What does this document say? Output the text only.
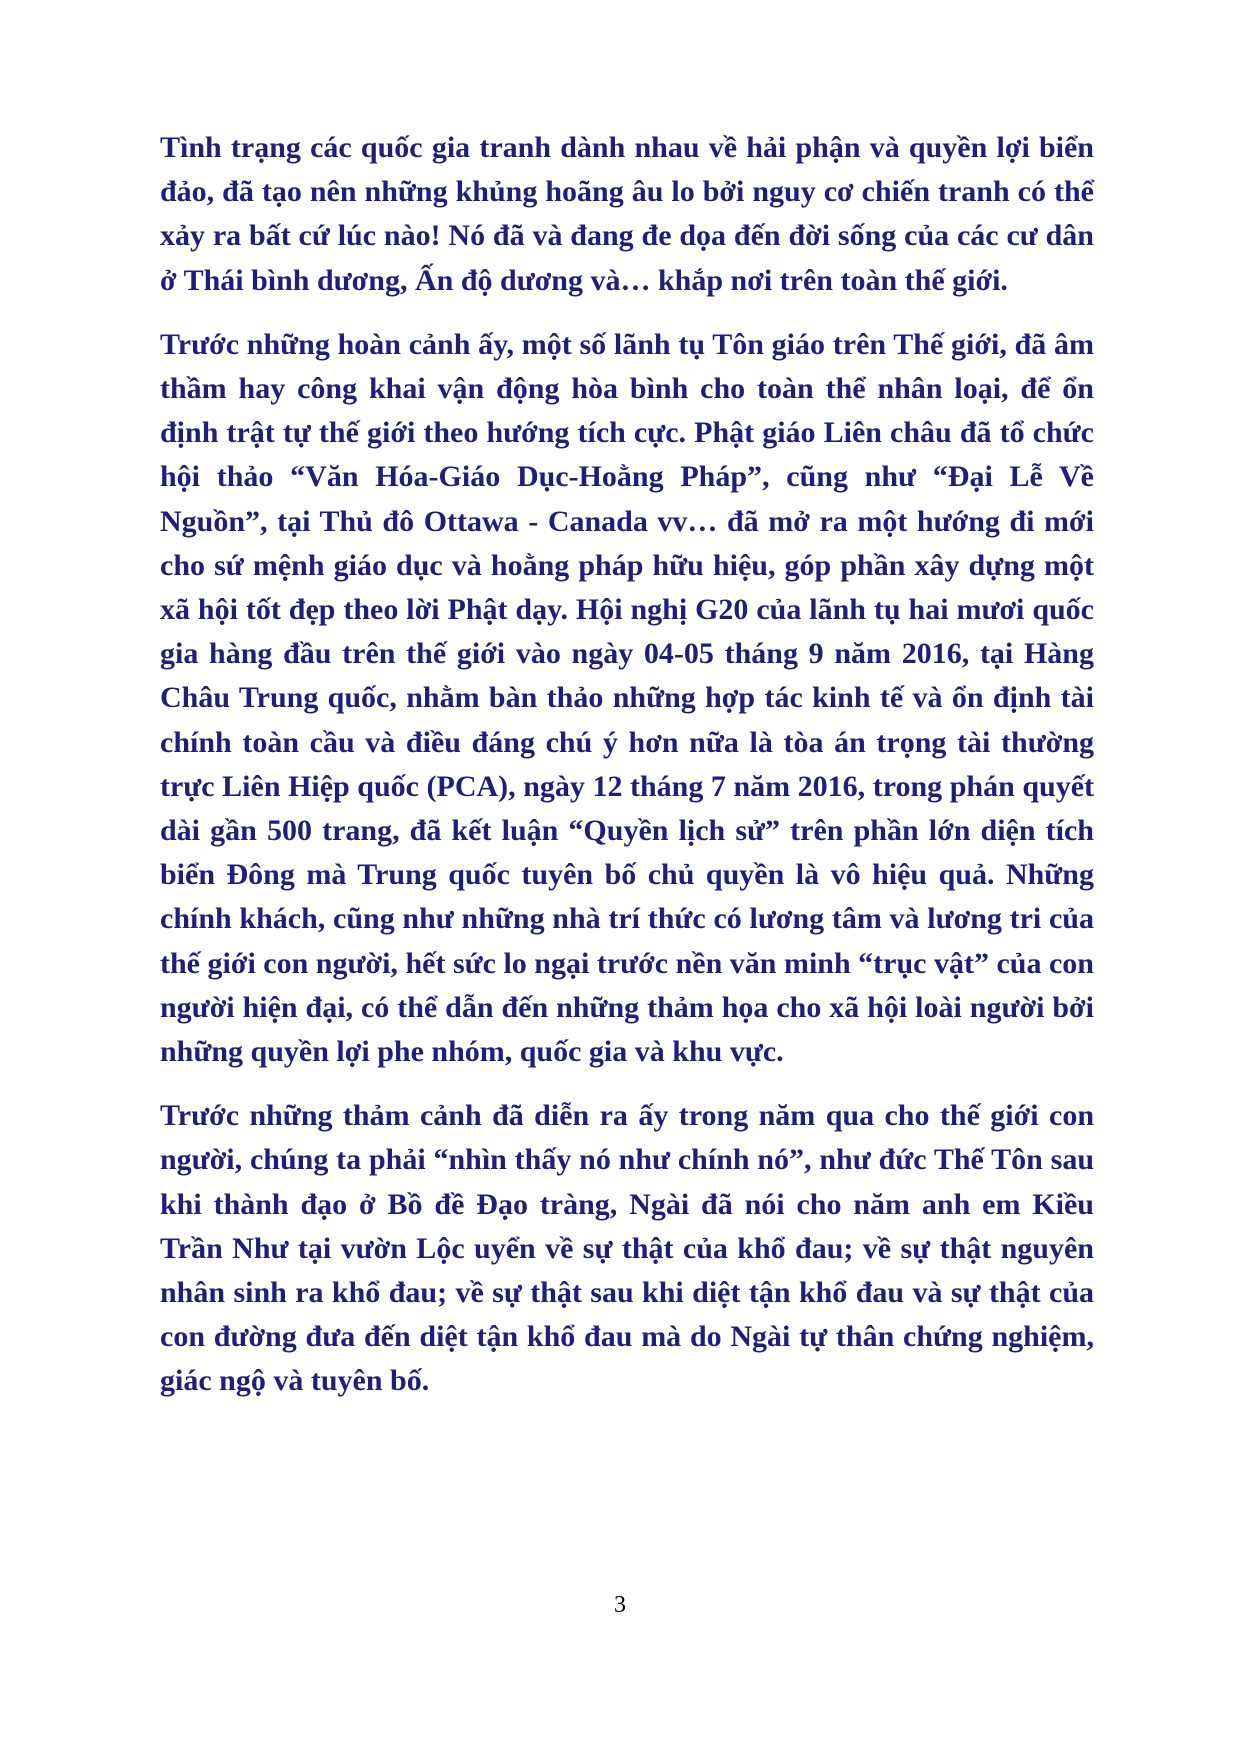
Tình trạng các quốc gia tranh dành nhau về hải phận và quyền lợi biển đảo, đã tạo nên những khủng hoãng âu lo bởi nguy cơ chiến tranh có thể xảy ra bất cứ lúc nào! Nó đã và đang đe dọa đến đời sống của các cư dân ở Thái bình dương, Ấn độ dương và… khắp nơi trên toàn thế giới.

Trước những hoàn cảnh ấy, một số lãnh tụ Tôn giáo trên Thế giới, đã âm thầm hay công khai vận động hòa bình cho toàn thể nhân loại, để ổn định trật tự thế giới theo hướng tích cực. Phật giáo Liên châu đã tổ chức hội thảo “Văn Hóa-Giáo Dục-Hoằng Pháp”, cũng như “Đại Lễ Về Nguồn”, tại Thủ đô Ottawa - Canada vv… đã mở ra một hướng đi mới cho sứ mệnh giáo dục và hoằng pháp hữu hiệu, góp phần xây dựng một xã hội tốt đẹp theo lời Phật dạy. Hội nghị G20 của lãnh tụ hai mươi quốc gia hàng đầu trên thế giới vào ngày 04-05 tháng 9 năm 2016, tại Hàng Châu Trung quốc, nhằm bàn thảo những hợp tác kinh tế và ổn định tài chính toàn cầu và điều đáng chú ý hơn nữa là tòa án trọng tài thường trực Liên Hiệp quốc (PCA), ngày 12 tháng 7 năm 2016, trong phán quyết dài gần 500 trang, đã kết luận “Quyền lịch sử” trên phần lớn diện tích biển Đông mà Trung quốc tuyên bố chủ quyền là vô hiệu quả. Những chính khách, cũng như những nhà trí thức có lương tâm và lương tri của thế giới con người, hết sức lo ngại trước nền văn minh “trục vật” của con người hiện đại, có thể dẫn đến những thảm họa cho xã hội loài người bởi những quyền lợi phe nhóm, quốc gia và khu vực.

Trước những thảm cảnh đã diễn ra ấy trong năm qua cho thế giới con người, chúng ta phải “nhìn thấy nó như chính nó”, như đức Thế Tôn sau khi thành đạo ở Bồ đề Đạo tràng, Ngài đã nói cho năm anh em Kiều Trần Như tại vườn Lộc uyển về sự thật của khổ đau; về sự thật nguyên nhân sinh ra khổ đau; về sự thật sau khi diệt tận khổ đau và sự thật của con đường đưa đến diệt tận khổ đau mà do Ngài tự thân chứng nghiệm, giác ngộ và tuyên bố.

3
